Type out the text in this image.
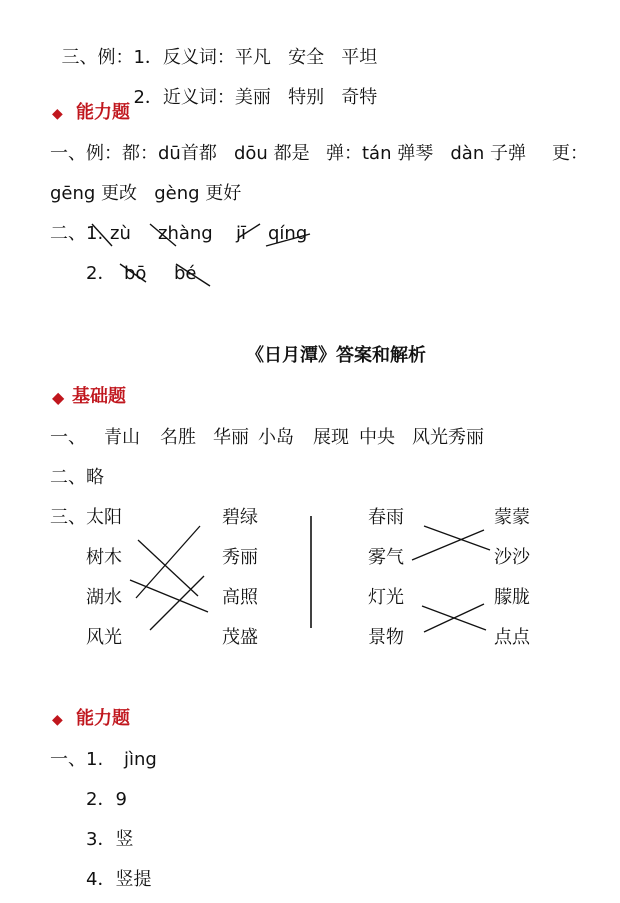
三、例：1．反义词：平凡 安全 平坦

2．近义词：美丽 特别 奇特

◆ 能力题
一、例：都：dū首都   dōu 都是 弹：tán 弹琴   dàn 子弹 更：
gēng 更改   gèng 更好
二、1. zù zhàng jī qíng
2． bō bé
《日月潭》答案和解析
◆ 基础题
一、 青山 名胜 华丽 小岛 展现 中央 风光秀丽
二、略
三、 太阳
树木
湖水
风光
碧绿
秀丽
高照
茂盛
春雨
雾气
灯光
景物
蒙蒙
沙沙
朦胧
点点
◆ 能力题
一、1. jìng
2．9
3．竖
4．竖提
